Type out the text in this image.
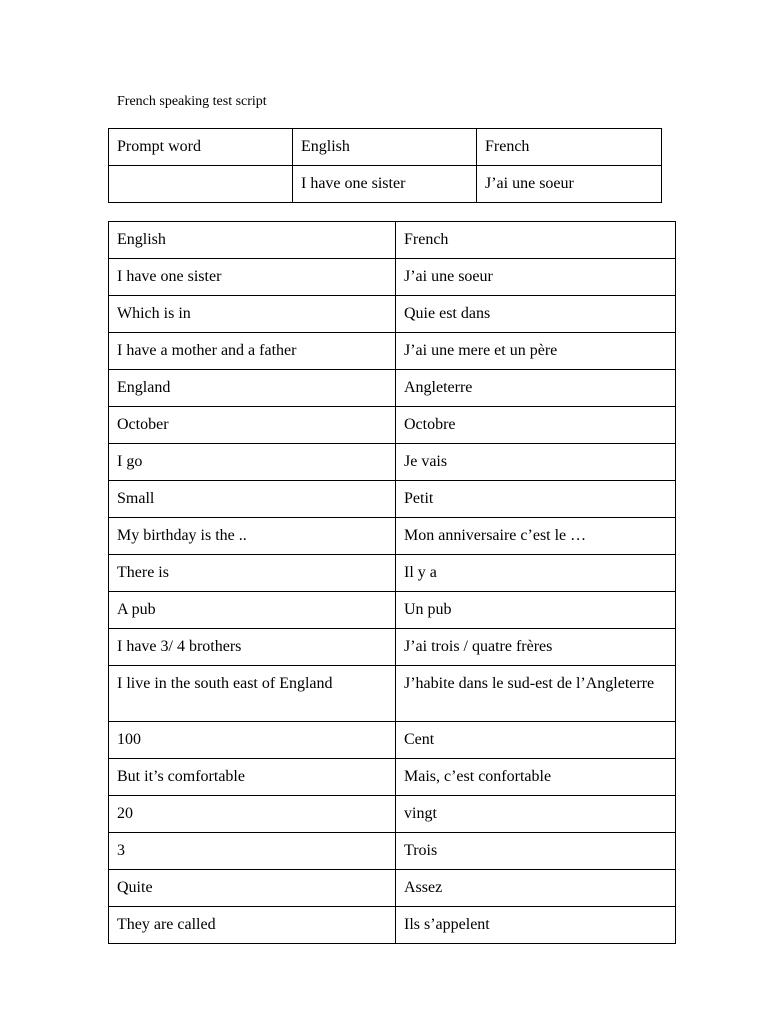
French speaking test script
Prompt word	English	French
	I have one sister	J’ai une soeur
English	French
I have one sister	J’ai une soeur
Which is in	Quie est dans
I have a mother and a father	J’ai une mere et un père
England	Angleterre
October	Octobre
I go	Je vais
Small	Petit
My birthday is the ..	Mon anniversaire c’est le …
There is	Il y a
A pub	Un pub
I have 3/ 4 brothers	J’ai trois / quatre frères
I live in the south east of England	J’habite dans le sud-est de l’Angleterre
100	Cent
But it’s comfortable	Mais, c’est confortable
20	vingt
3	Trois
Quite	Assez
They are called	Ils s’appelent
